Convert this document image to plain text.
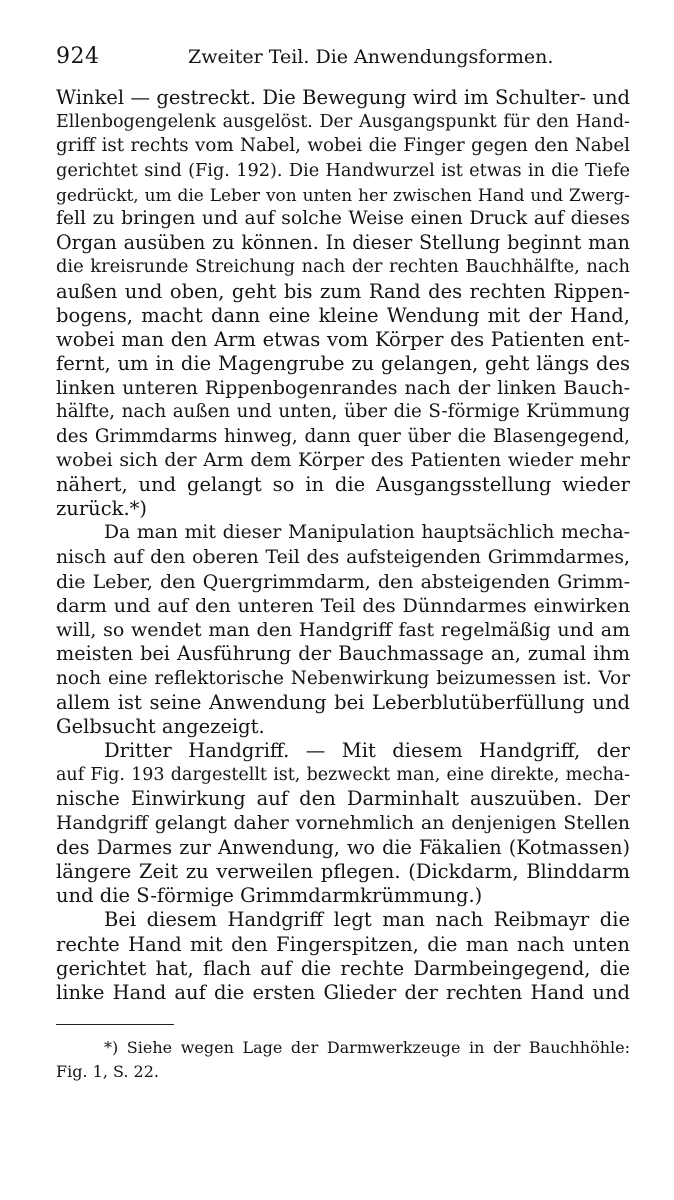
924	Zweiter Teil. Die Anwendungsformen.
Winkel — gestreckt. Die Bewegung wird im Schulter- und
Ellenbogengelenk ausgelöst. Der Ausgangspunkt für den Hand-
griff ist rechts vom Nabel, wobei die Finger gegen den Nabel
gerichtet sind (Fig. 192). Die Handwurzel ist etwas in die Tiefe
gedrückt, um die Leber von unten her zwischen Hand und Zwerg-
fell zu bringen und auf solche Weise einen Druck auf dieses
Organ ausüben zu können. In dieser Stellung beginnt man
die kreisrunde Streichung nach der rechten Bauchhälfte, nach
außen und oben, geht bis zum Rand des rechten Rippen-
bogens, macht dann eine kleine Wendung mit der Hand,
wobei man den Arm etwas vom Körper des Patienten ent-
fernt, um in die Magengrube zu gelangen, geht längs des
linken unteren Rippenbogenrandes nach der linken Bauch-
hälfte, nach außen und unten, über die S-förmige Krümmung
des Grimmdarms hinweg, dann quer über die Blasengegend,
wobei sich der Arm dem Körper des Patienten wieder mehr
nähert, und gelangt so in die Ausgangsstellung wieder
zurück.*)
Da man mit dieser Manipulation hauptsächlich mecha-
nisch auf den oberen Teil des aufsteigenden Grimmdarmes,
die Leber, den Quergrimmdarm, den absteigenden Grimm-
darm und auf den unteren Teil des Dünndarmes einwirken
will, so wendet man den Handgriff fast regelmäßig und am
meisten bei Ausführung der Bauchmassage an, zumal ihm
noch eine reflektorische Nebenwirkung beizumessen ist. Vor
allem ist seine Anwendung bei Leberblutüberfüllung und
Gelbsucht angezeigt.
Dritter Handgriff. — Mit diesem Handgriff, der
auf Fig. 193 dargestellt ist, bezweckt man, eine direkte, mecha-
nische Einwirkung auf den Darminhalt auszuüben. Der
Handgriff gelangt daher vornehmlich an denjenigen Stellen
des Darmes zur Anwendung, wo die Fäkalien (Kotmassen)
längere Zeit zu verweilen pflegen. (Dickdarm, Blinddarm
und die S-förmige Grimmdarmkrümmung.)
Bei diesem Handgriff legt man nach Reibmayr die
rechte Hand mit den Fingerspitzen, die man nach unten
gerichtet hat, flach auf die rechte Darmbeingegend, die
linke Hand auf die ersten Glieder der rechten Hand und
*) Siehe wegen Lage der Darmwerkzeuge in der Bauchhöhle:
Fig. 1, S. 22.
